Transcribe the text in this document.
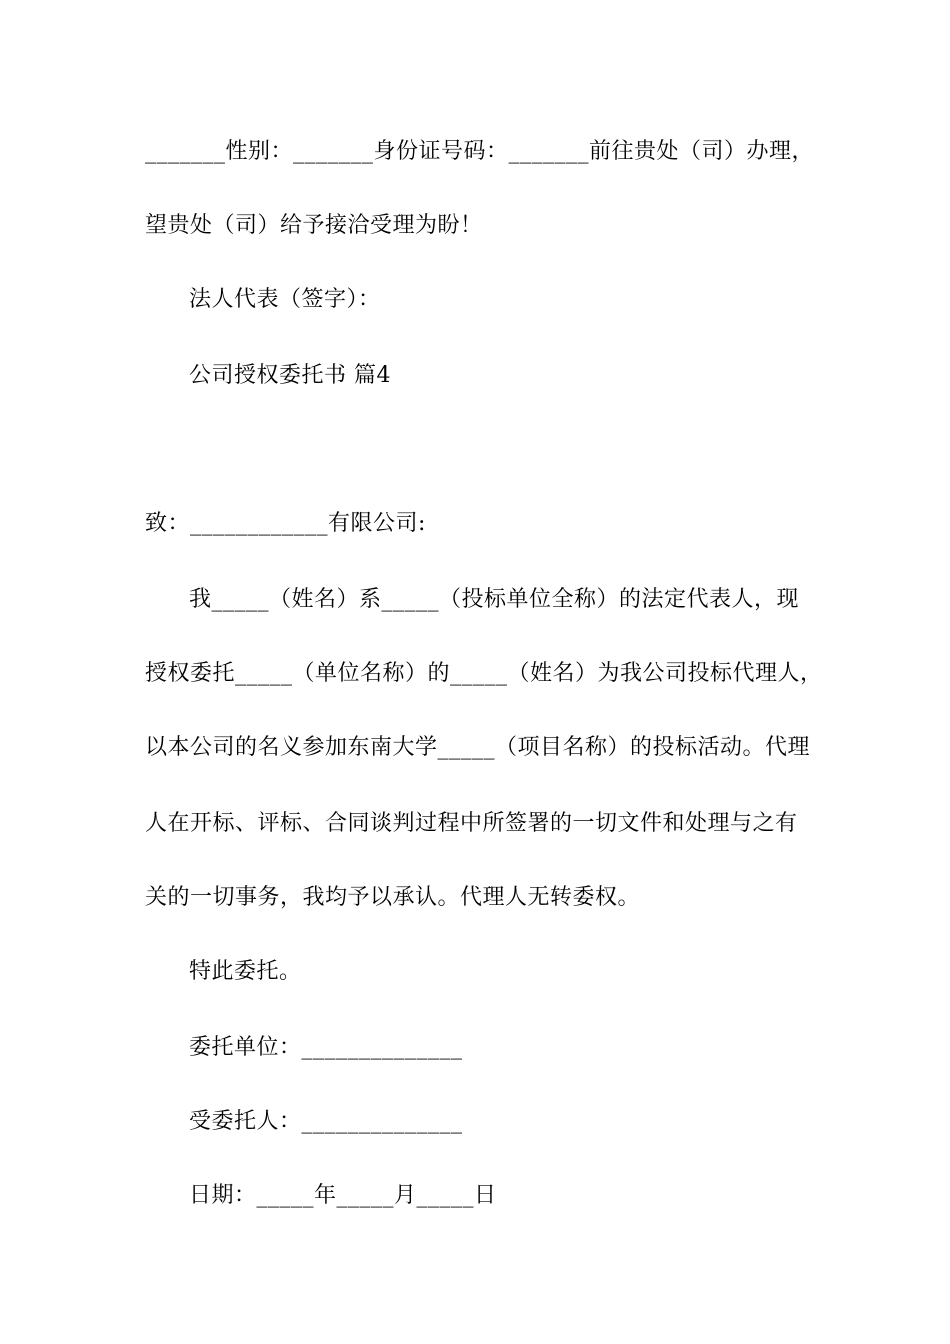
_______性别：_______身份证号码：_______前往贵处（司）办理，
望贵处（司）给予接洽受理为盼！
法人代表（签字）：
公司授权委托书 篇4
致：____________有限公司:
我_____（姓名）系_____（投标单位全称）的法定代表人，现
授权委托_____（单位名称）的_____（姓名）为我公司投标代理人，
以本公司的名义参加东南大学_____（项目名称）的投标活动。代理
人在开标、评标、合同谈判过程中所签署的一切文件和处理与之有
关的一切事务，我均予以承认。代理人无转委权。
特此委托。
委托单位：______________
受委托人：______________
日期：_____年_____月_____日
